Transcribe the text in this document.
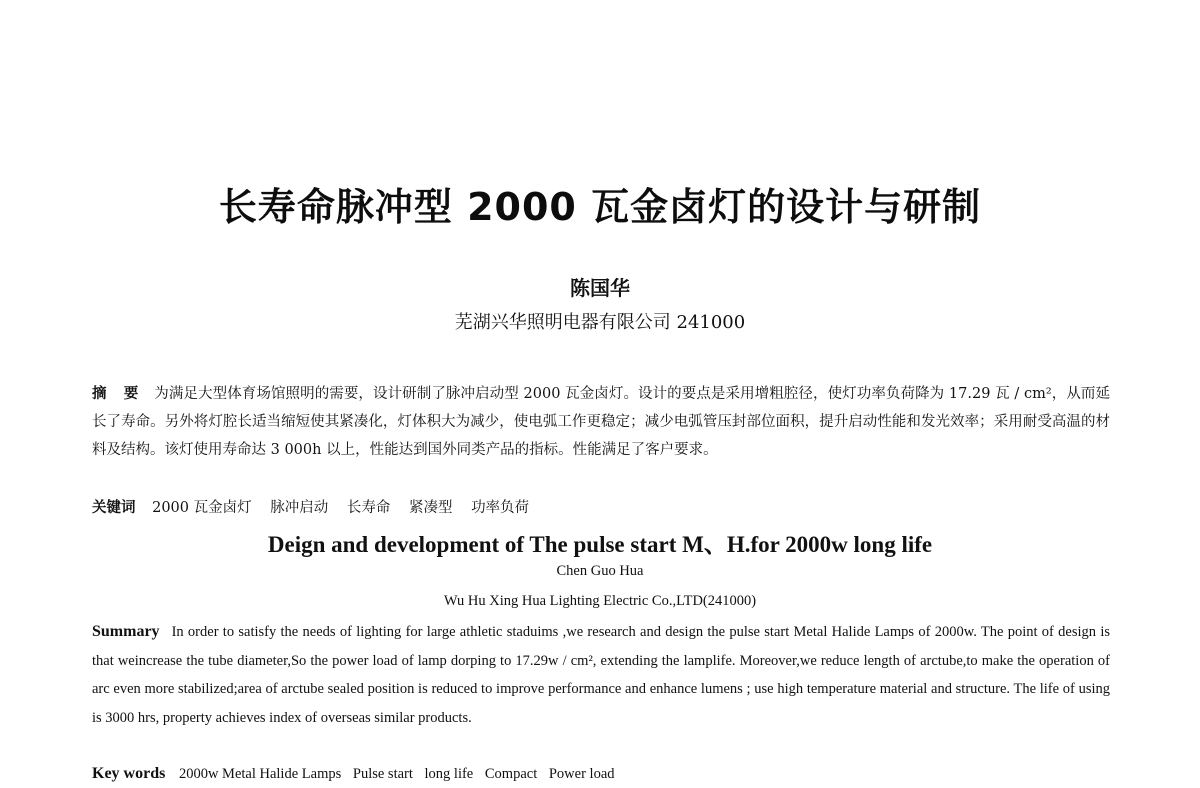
长寿命脉冲型 2000 瓦金卤灯的设计与研制
陈国华
芜湖兴华照明电器有限公司 241000
摘 要 为满足大型体育场馆照明的需要，设计研制了脉冲启动型 2000 瓦金卤灯。设计的要点是采用增粗腔径，使灯功率负荷降为 17.29 瓦 / cm²，从而延长了寿命。另外将灯腔长适当缩短使其紧凑化，灯体积大为减少，使电弧工作更稳定；减少电弧管压封部位面积，提升启动性能和发光效率；采用耐受高温的材料及结构。该灯使用寿命达 3 000h 以上，性能达到国外同类产品的指标。性能满足了客户要求。
关键词 2000 瓦金卤灯 脉冲启动 长寿命 紧凑型 功率负荷
Deign and development of The pulse start M、H.for 2000w long life
Chen Guo Hua
Wu Hu Xing Hua Lighting Electric Co.,LTD(241000)
Summary In order to satisfy the needs of lighting for large athletic staduims ,we research and design the pulse start Metal Halide Lamps of 2000w. The point of design is that weincrease the tube diameter,So the power load of lamp dorping to 17.29w / cm², extending the lamplife. Moreover,we reduce length of arctube,to make the operation of arc even more stabilized;area of arctube sealed position is reduced to improve performance and enhance lumens ; use high temperature material and structure. The life of using is 3000 hrs, property achieves index of overseas similar products.
Key words 2000w Metal Halide Lamps Pulse start long life Compact Power load
